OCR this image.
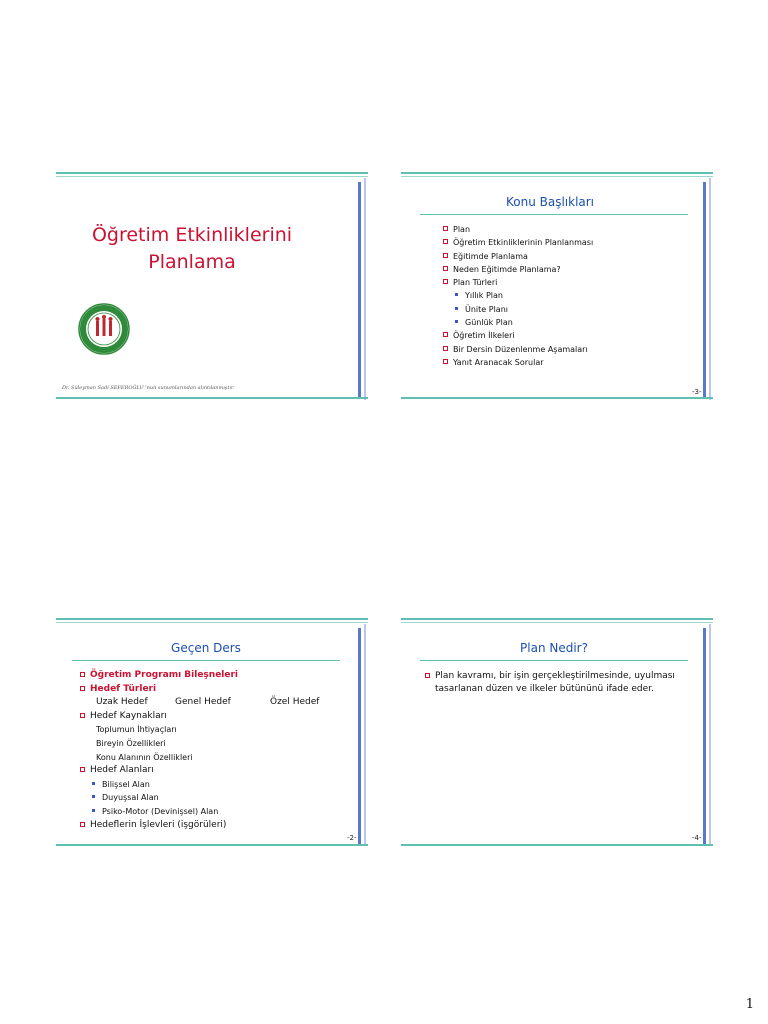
Öğretim Etkinliklerini
Planlama
Dr. Süleyman Sadi SEFEROĞLU 'nun sunumlarından alıntılanmıştır.
Konu Başlıkları
Plan
Öğretim Etkinliklerinin Planlanması
Eğitimde Planlama
Neden Eğitimde Planlama?
Plan Türleri
Yıllık Plan
Ünite Planı
Günlük Plan
Öğretim İlkeleri
Bir Dersin Düzenlenme Aşamaları
Yanıt Aranacak Sorular
-3-
Geçen Ders
Öğretim Programı Bileşneleri
Hedef Türleri
Uzak Hedef	Genel Hedef	Özel Hedef
Hedef Kaynakları
Toplumun İhtiyaçları
Bireyin Özellikleri
Konu Alanının Özellikleri
Hedef Alanları
Bilişsel Alan
Duyuşsal Alan
Psiko-Motor (Devinişsel) Alan
Hedeflerin İşlevleri (işgörüleri)
-2-
Plan Nedir?
Plan kavramı, bir işin gerçekleştirilmesinde, uyulması tasarlanan düzen ve ilkeler bütününü ifade eder.
-4-
1
